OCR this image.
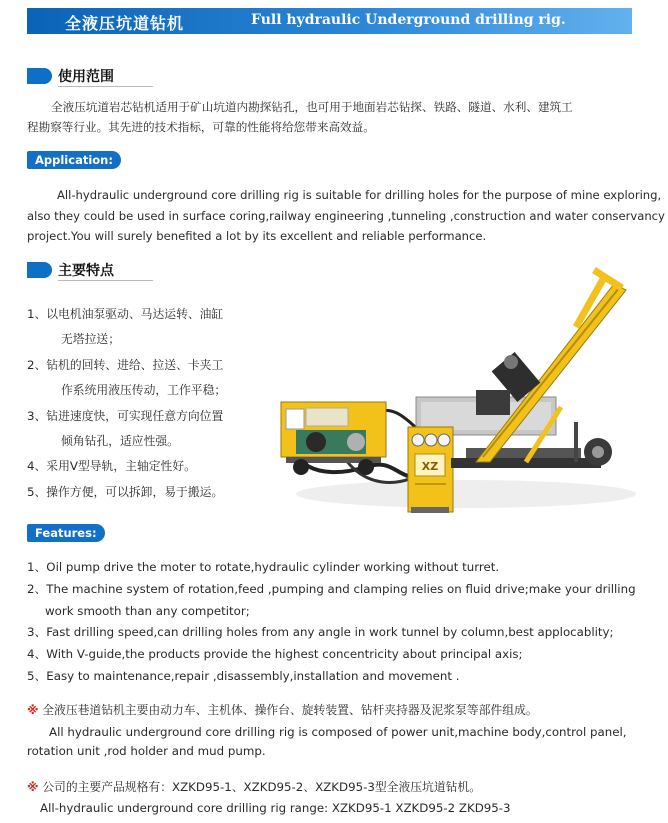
全液压坑道钻机	Full hydraulic Underground drilling rig.
使用范围
全液压坑道岩芯钻机适用于矿山坑道内勘探钻孔，也可用于地面岩芯钻探、铁路、隧道、水利、建筑工
程勘察等行业。其先进的技术指标，可靠的性能将给您带来高效益。
Application:
All-hydraulic underground core drilling rig is suitable for drilling holes for the purpose of mine exploring,
also they could be used in surface coring,railway engineering ,tunneling ,construction and water conservancy
project.You will surely benefited a lot by its excellent and reliable performance.
主要特点
1、以电机油泵驱动、马达运转、油缸
无塔拉送；
2、钻机的回转、进给、拉送、卡夹工
作系统用液压传动，工作平稳；
3、钻进速度快，可实现任意方向位置
倾角钻孔，适应性强。
4、采用V型导轨，主轴定性好。
5、操作方便，可以拆卸，易于搬运。
XZ
Features:
1、Oil pump drive the moter to rotate,hydraulic cylinder working without turret.
2、The machine system of rotation,feed ,pumping and clamping relies on fluid drive;make your drilling
work smooth than any competitor;
3、Fast drilling speed,can drilling holes from any angle in work tunnel by column,best applocablity;
4、With V-guide,the products provide the highest concentricity about principal axis;
5、Easy to maintenance,repair ,disassembly,installation and movement .
※ 全液压巷道钻机主要由动力车、主机体、操作台、旋转装置、钻杆夹持器及泥浆泵等部件组成。
All hydraulic underground core drilling rig is composed of power unit,machine body,control panel,
rotation unit ,rod holder and mud pump.
※ 公司的主要产品规格有：XZKD95-1、XZKD95-2、XZKD95-3型全液压坑道钻机。
All-hydraulic underground core drilling rig range: XZKD95-1 XZKD95-2 ZKD95-3
